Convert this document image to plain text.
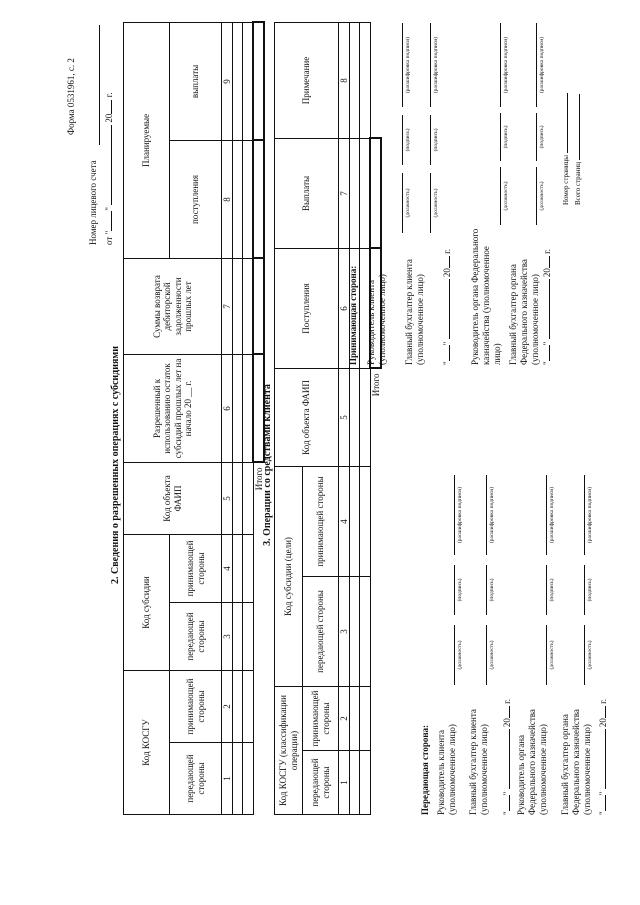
Форма 0531961, с. 2
Номер лицевого счета от ""  20 г.
2. Сведения о разрешенных операциях с субсидиями
Код КОСГУ		Код субсидии		Код объекта ФАИП	Разрешенный к использованию остаток субсидий прошлых лет на начало 20 __ г.	Суммы возврата дебиторской задолженности прошлых лет	Планируемые	
передающей стороны	принимающей стороны	передающей стороны	принимающей стороны				поступления	выплаты
1	2	3	4	5	6	7	8	9

Итого								
3. Операции со средствами клиента
Код КОСГУ (классификации операции)		Код субсидии (цели)		Код объекта ФАИП	Поступления	Выплаты	Примечание
передающей стороны	принимающей стороны	передающей стороны	принимающей стороны				
1	2	3	4	5	6	7	8

Итого							
Передающая сторона: Руководитель клиента (уполномоченное лицо)
(должность)
(подпись)
(расшифровка подписи)
Главный бухгалтер клиента (уполномоченное лицо)
(должность)
(подпись)
(расшифровка подписи)
""  20 г.
Руководитель органа Федерального казначейства (уполномоченное лицо)
(должность)
(подпись)
(расшифровка подписи)
Главный бухгалтер органа Федерального казначейства (уполномоченное лицо)
(должность)
(подпись)
(расшифровка подписи)
""  20 г.
Принимающая сторона: Руководитель клиента (уполномоченное лицо)
(должность)
(подпись)
(расшифровка подписи)
Главный бухгалтер клиента (уполномоченное лицо)
(должность)
(подпись)
(расшифровка подписи)
""  20 г. Руководитель органа Федерального казначейства (уполномоченное лицо)
(должность)
(подпись)
(расшифровка подписи)
Главный бухгалтер органа Федерального казначейства (уполномоченное лицо)
(должность)
(подпись)
(расшифровка подписи)
""  20 г.
Номер страницы Всего страниц
